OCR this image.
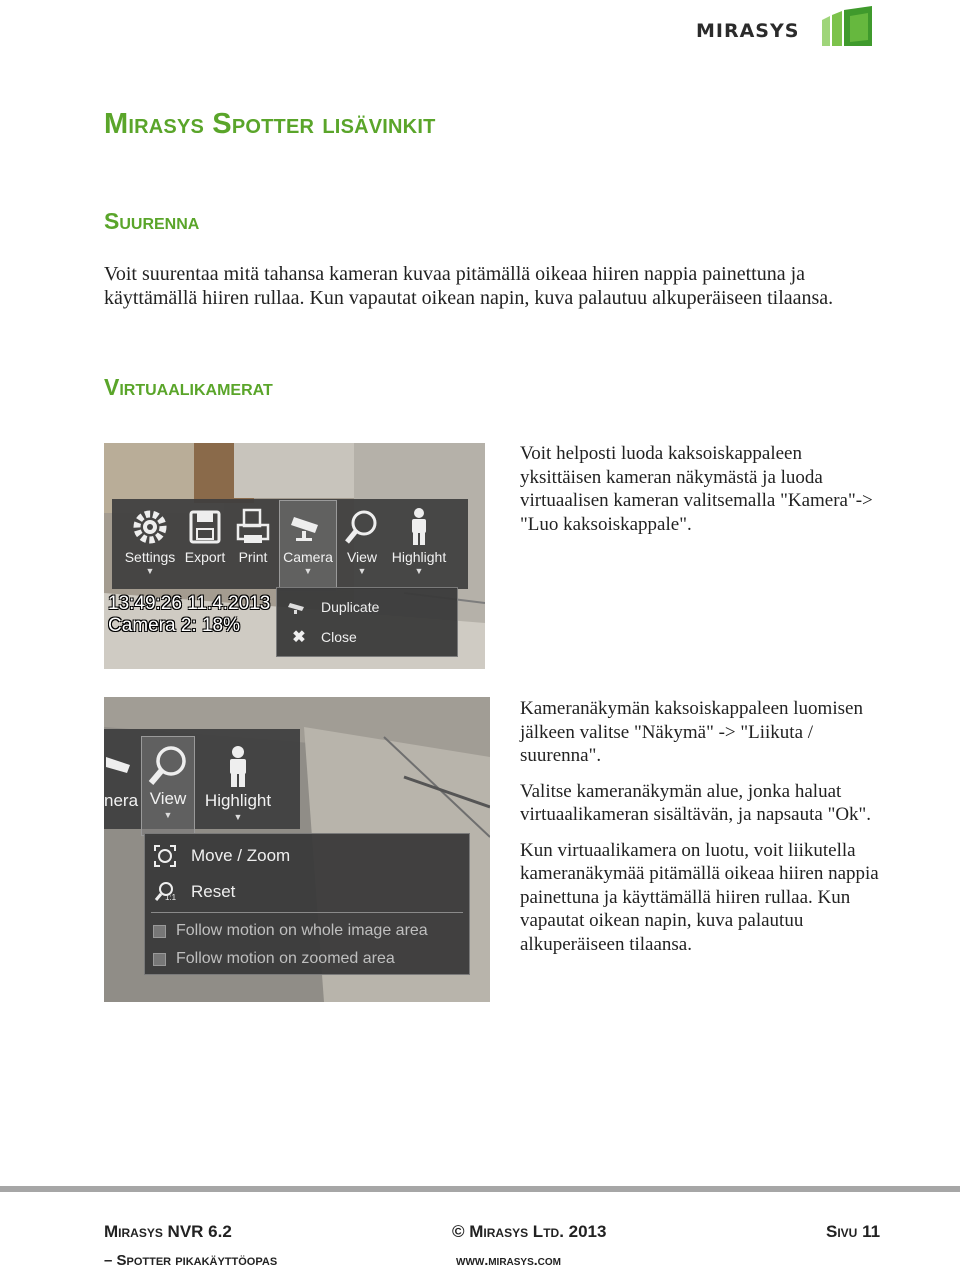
MIRASYS
Mirasys Spotter lisävinkit
Suurenna
Voit suurentaa mitä tahansa kameran kuvaa pitämällä oikeaa hiiren nappia painettuna ja käyttämällä hiiren rullaa. Kun vapautat oikean napin, kuva palautuu alkuperäiseen tilaansa.
Virtuaalikamerat

Voit helposti luoda kaksoiskappaleen yksittäisen kameran näkymästä ja luoda virtuaalisen kameran valitsemalla "Kamera"-> "Luo kaksoiskappale".

Kameranäkymän kaksoiskappaleen luomisen jälkeen valitse "Näkymä" -> "Liikuta / suurenna".

Valitse kameranäkymän alue, jonka haluat virtuaalikameran sisältävän, ja napsauta "Ok".

Kun virtuaalikamera on luotu, voit liikutella kameranäkymää pitämällä oikeaa hiiren nappia painettuna ja käyttämällä hiiren rullaa. Kun vapautat oikean napin, kuva palautuu alkuperäiseen tilaansa.

Settings
▼
Export Print	Camera
▼
View
▼
Highlight
▼
13:49:26 11.4.2013
Camera 2: 18%
Duplicate
✖	Close
nera View
▼
Highlight
▼
Move / Zoom
1:1 Reset
Follow motion on whole image area
Follow motion on zoomed area
Mirasys NVR 6.2	© Mirasys Ltd. 2013	Sivu 11
– Spotter pikakäyttöopas	www.mirasys.com
